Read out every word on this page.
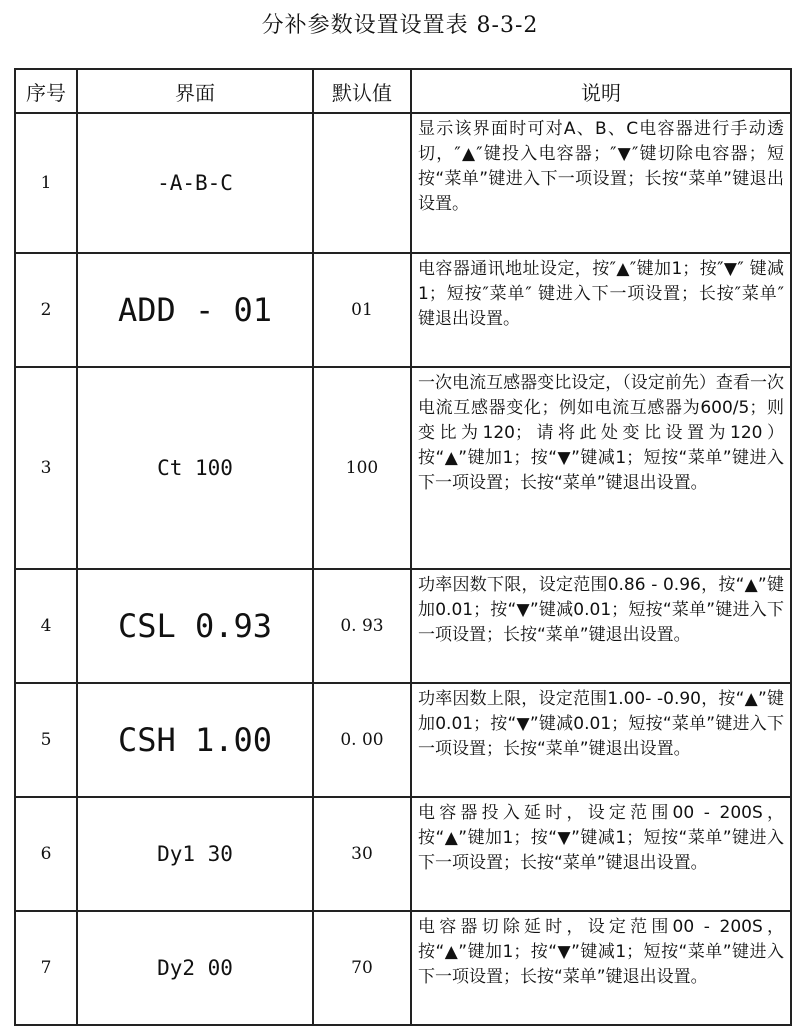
分补参数设置设置表 8-3-2
序号	界面	默认值	说明
1	-A-B-C		显示该界面时可对A、B、C电容器进行手动透切，″▲″键投入电容器；″▼″键切除电容器；短按“菜单”键进入下一项设置；长按“菜单”键退出设置。
2	ADD - 01	01	电容器通讯地址设定，按″▲″键加1；按″▼″ 键减1；短按″菜单″ 键进入下一项设置；长按″菜单″ 键退出设置。
3	Ct 100	100	一次电流互感器变比设定，（设定前先）查看一次电流互感器变化；例如电流互感器为600/5；则变比为120；请将此处变比设置为120）按“▲”键加1；按“▼”键减1；短按“菜单”键进入下一项设置；长按“菜单”键退出设置。
4	CSL 0.93	0. 93	功率因数下限，设定范围0.86 - 0.96，按“▲”键加0.01；按“▼”键减0.01；短按“菜单”键进入下一项设置；长按“菜单”键退出设置。
5	CSH 1.00	0. 00	功率因数上限，设定范围1.00- -0.90，按“▲”键加0.01；按“▼”键减0.01；短按“菜单”键进入下一项设置；长按“菜单”键退出设置。
6	Dy1 30	30	电容器投入延时，设定范围00 - 200S，按“▲”键加1；按“▼”键减1；短按“菜单”键进入下一项设置；长按“菜单”键退出设置。
7	Dy2 00	70	电容器切除延时，设定范围00 - 200S，按“▲”键加1；按“▼”键减1；短按“菜单”键进入下一项设置；长按“菜单”键退出设置。
